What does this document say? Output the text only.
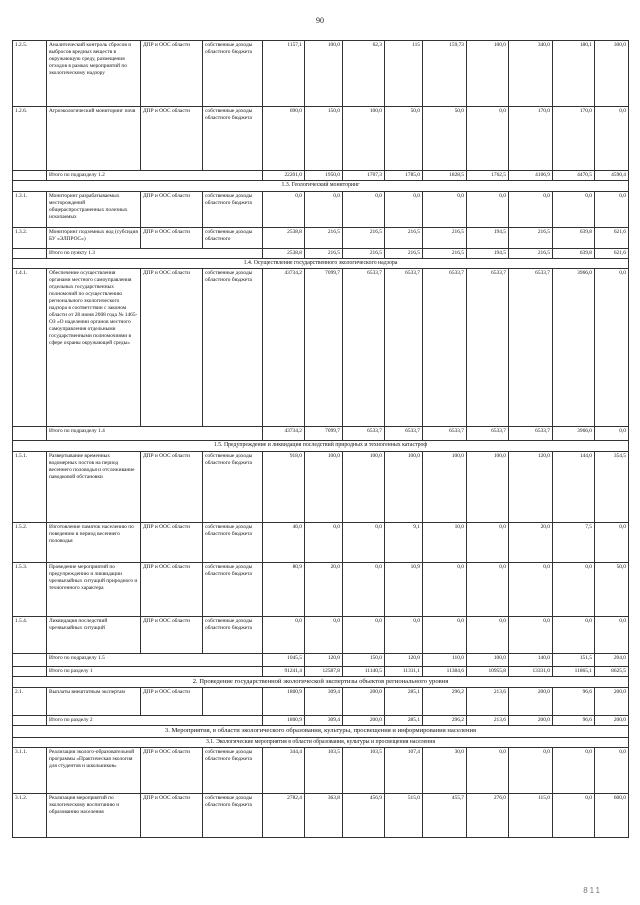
90
1.2.5.	Аналитический контроль сбросов и выбросов вредных веществ в окружающую среду, размещения отходов в рамках мероприятий по экологическому надзору	ДПР и ООС области	собственные доходы областного бюджета	1157,1	100,0	62,3	115	159,73	100,0	340,0	180,1	300,0
1.2.6.	Агроэкологический мониторинг почв	ДПР и ООС области	собственные доходы областного бюджета	690,0	150,0	100,0	50,0	50,0	0,0	170,0	170,0	0,0
	Итого по подразделу 1.2			22201,0	1950,0	1707,3	1785,0	1828,5	1762,5	4106,9	4470,5	4590,4
1.3. Геологический мониторинг												
1.3.1.	Мониторинг разрабатываемых месторождений общераспространенных полезных ископаемых	ДПР и ООС области	собственные доходы областного бюджета	0,0	0,0	0,0	0,0	0,0	0,0	0,0	0,0	0,0
1.3.2.	Мониторинг подземных вод (субсидия БУ «ЭЛПРОС»)	ДПР и ООС области	собственные доходы областного	2538,8	216,5	216,5	216,5	216,5	194,5	216,5	639,8	621,6
	Итого по пункту 1.3			2538,8	216,5	216,5	216,5	216,5	194,5	216,5	639,8	621,6
1.4. Осуществление государственного экологического надзора												
1.4.1.	Обеспечение осуществления органами местного самоуправления отдельных государственных полномочий по осуществлению регионального экологического надзора в соответствии с законом области от 28 июня 2008 года № 1465-ОЗ «О наделении органов местного самоуправления отдельными государственными полномочиями в сфере охраны окружающей среды»	ДПР и ООС области	собственные доходы областного бюджета	43734,2	7099,7	6533,7	6533,7	6533,7	6533,7	6533,7	3966,0	0,0
	Итого по подразделу 1.4			43734,2	7099,7	6533,7	6533,7	6533,7	6533,7	6533,7	3966,0	0,0
1.5. Предупреждение и ликвидация последствий природных и техногенных катастроф												
1.5.1.	Развертывание временных водомерных постов на период весеннего половодья и отслеживание паводковой обстановки	ДПР и ООС области	собственные доходы областного бюджета	918,0	100,0	100,0	100,0	100,0	100,0	120,0	144,0	354,5
1.5.2.	Изготовление памяток населению по поведению в период весеннего половодья	ДПР и ООС области	собственные доходы областного бюджета	46,0	0,0	0,0	9,1	10,0	0,0	20,0	7,5	0,0
1.5.3.	Проведение мероприятий по предупреждению и ликвидации чрезвычайных ситуаций природного и техногенного характера	ДПР и ООС области	собственные доходы областного бюджета	80,9	20,0	0,0	10,9	0,0	0,0	0,0	0,0	50,0
1.5.4.	Ликвидация последствий чрезвычайных ситуаций	ДПР и ООС области	собственные доходы областного бюджета	0,0	0,0	0,0	0,0	0,0	0,0	0,0	0,0	0,0
	Итого по подразделу 1.5			1045,5	120,0	150,0	120,0	110,0	100,0	140,0	151,5	204,0
	Итого по разделу 1			91241,4	12587,8	11140,5	11311,1	11384,6	10955,8	13331,0	11865,1	8625,5
2. Проведение государственной экологической экспертизы объектов регионального уровня												
2.1.	Выплаты внештатным экспертам	ДПР и ООС области		1800,9	309,4	200,0	285,1	296,2	213,6	200,0	96,6	200,0
	Итого по разделу 2			1800,9	309,4	200,0	285,1	296,2	213,6	200,0	96,6	200,0
3. Мероприятия, в области экологического образования, культуры, просвещения и информирования населения												
3.1. Экологические мероприятия в области образования, культуры и просвещения населения												
3.1.1.	Реализация эколого-образовательной программы «Практическая экология для студентов и школьников»	ДПР и ООС области	собственные доходы областного бюджета	344,4	103,5	103,5	107,4	30,0	0,0	0,0	0,0	0,0
3.1.2.	Реализация мероприятий по экологическому воспитанию и образованию населения	ДПР и ООС области	собственные доходы областного бюджета	2782,4	363,8	456,9	515,0	455,7	276,0	115,0	0,0	600,0
811
